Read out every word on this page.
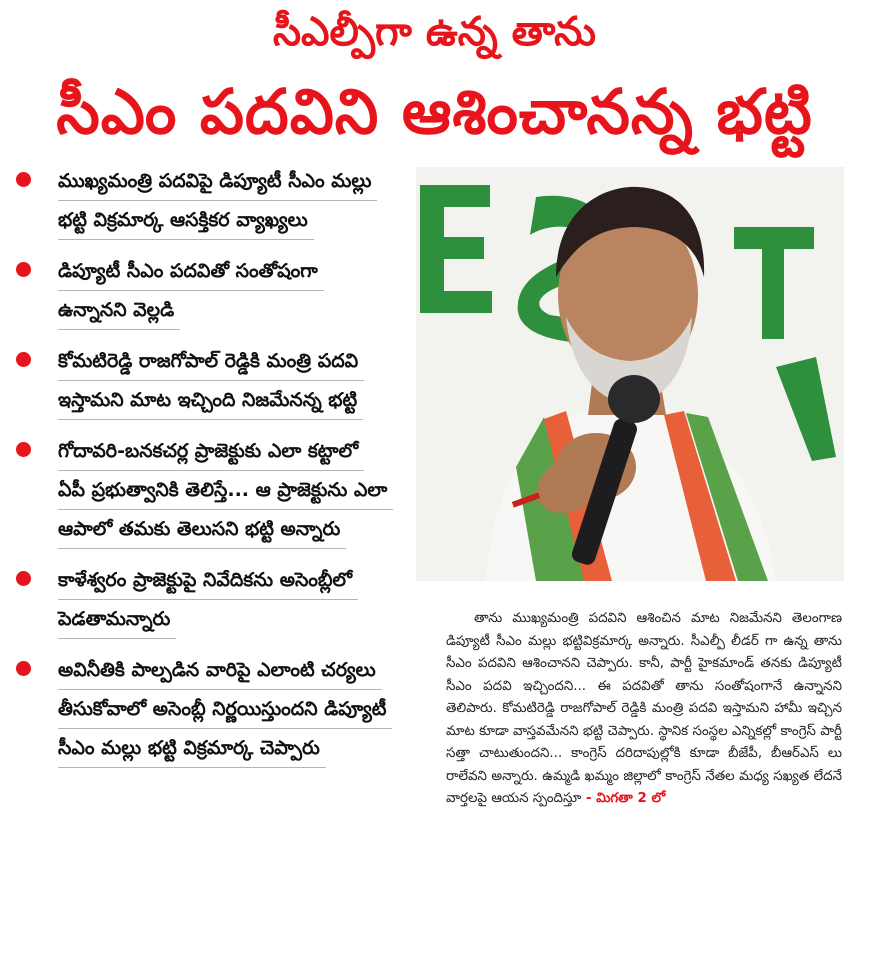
సీఎల్పీగా ఉన్న తాను
సీఎం పదవిని ఆశించానన్న భట్టి
ముఖ్యమంత్రి పదవిపై డిప్యూటీ సీఎం మల్లు
భట్టి విక్రమార్క ఆసక్తికర వ్యాఖ్యలు
డిప్యూటీ సీఎం పదవితో సంతోషంగా
ఉన్నానని వెల్లడి
కోమటిరెడ్డి రాజగోపాల్ రెడ్డికి మంత్రి పదవి
ఇస్తామని మాట ఇచ్చింది నిజమేనన్న భట్టి
గోదావరి-బనకచర్ల ప్రాజెక్టుకు ఎలా కట్టాలో
ఏపీ ప్రభుత్వానికి తెలిస్తే... ఆ ప్రాజెక్టును ఎలా
ఆపాలో తమకు తెలుసని భట్టి అన్నారు
కాళేశ్వరం ప్రాజెక్టుపై నివేదికను అసెంబ్లీలో
పెడతామన్నారు
అవినీతికి పాల్పడిన వారిపై ఎలాంటి చర్యలు
తీసుకోవాలో అసెంబ్లీ నిర్ణయిస్తుందని డిప్యూటీ
సీఎం మల్లు భట్టి విక్రమార్క చెప్పారు
తాను ముఖ్యమంత్రి పదవిని ఆశించిన మాట నిజమేనని తెలంగాణ డిప్యూటీ సీఎం మల్లు భట్టివిక్రమార్క అన్నారు. సీఎల్పీ లీడర్ గా ఉన్న తాను సీఎం పదవిని ఆశించానని చెప్పారు. కానీ, పార్టీ హైకమాండ్ తనకు డిప్యూటీ సీఎం పదవి ఇచ్చిందని... ఈ పదవితో తాను సంతోషంగానే ఉన్నానని తెలిపారు. కోమటిరెడ్డి రాజగోపాల్ రెడ్డికి మంత్రి పదవి ఇస్తామని హామీ ఇచ్చిన మాట కూడా వాస్తవమేనని భట్టి చెప్పారు. స్థానిక సంస్థల ఎన్నికల్లో కాంగ్రెస్ పార్టీ సత్తా చాటుతుందని... కాంగ్రెస్ దరిదాపుల్లోకి కూడా బీజేపీ, బీఆర్ఎస్ లు రాలేవని అన్నారు. ఉమ్మడి ఖమ్మం జిల్లాలో కాంగ్రెస్ నేతల మధ్య సఖ్యత లేదనే వార్తలపై ఆయన స్పందిస్తూ - మిగతా 2 లో
